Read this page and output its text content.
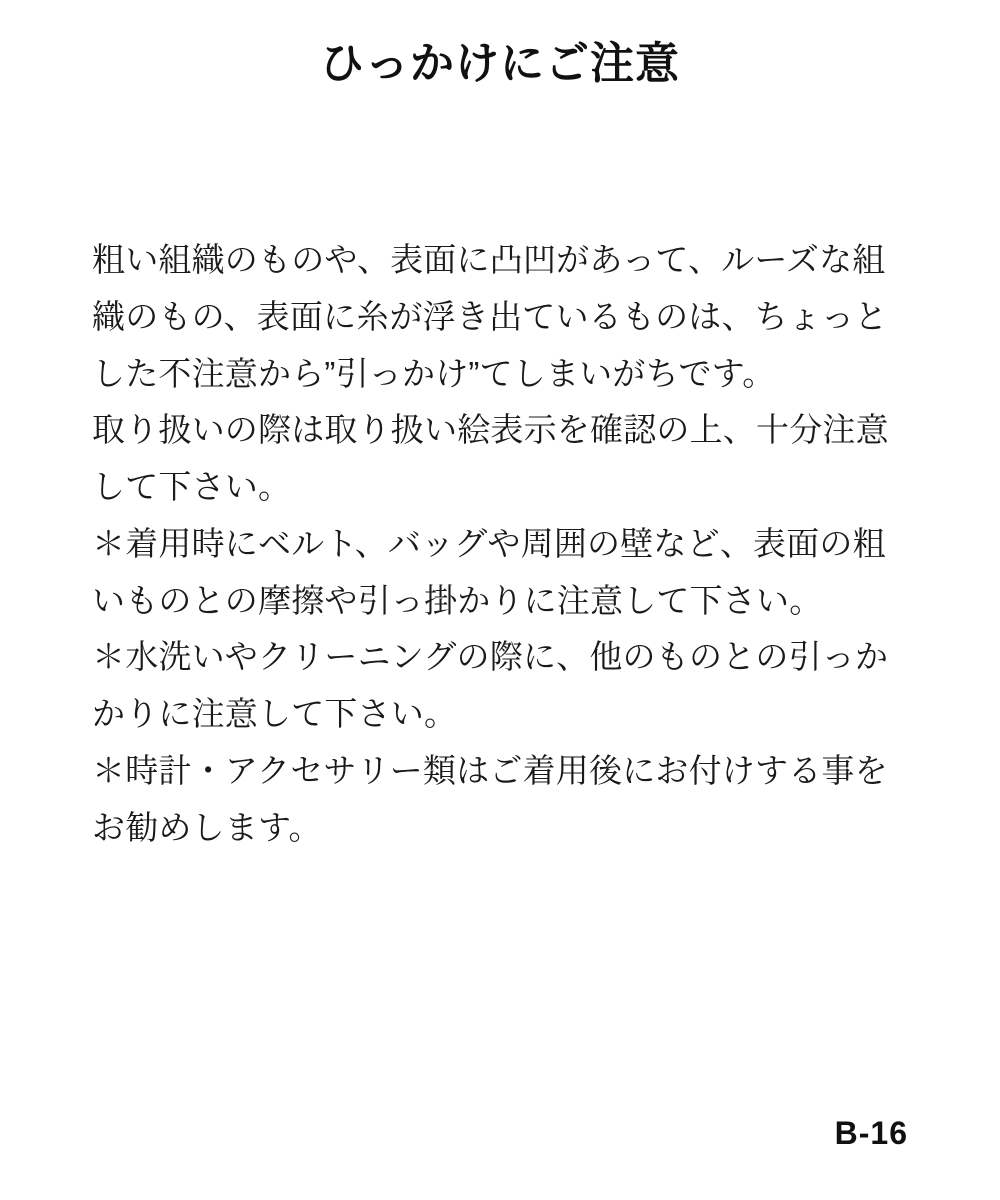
ひっかけにご注意

粗い組織のものや、表面に凸凹があって、ルーズな組織のもの、表面に糸が浮き出ているものは、ちょっとした不注意から”引っかけ”てしまいがちです。

取り扱いの際は取り扱い絵表示を確認の上、十分注意して下さい。

＊着用時にベルト、バッグや周囲の壁など、表面の粗いものとの摩擦や引っ掛かりに注意して下さい。

＊水洗いやクリーニングの際に、他のものとの引っかかりに注意して下さい。

＊時計・アクセサリー類はご着用後にお付けする事をお勧めします。

B-16
